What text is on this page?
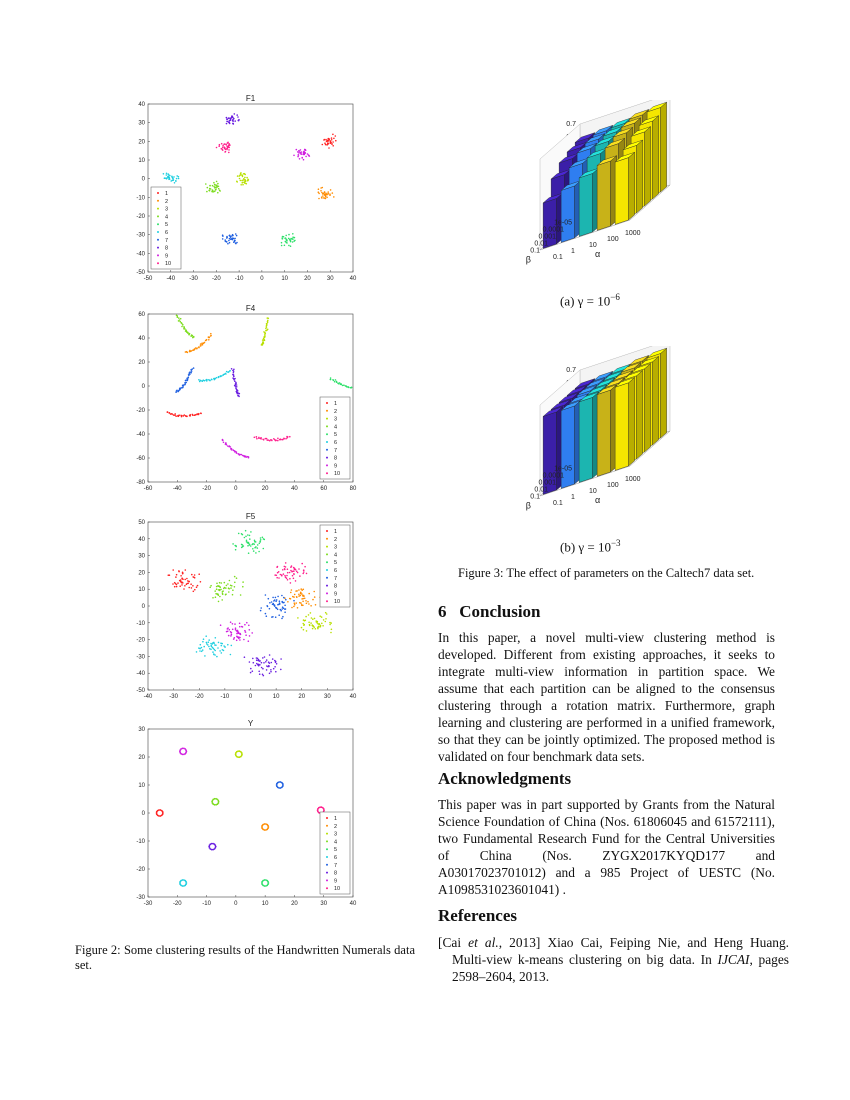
F1
-50 -40 -30 -20 -10	0	10	20	30	40
-50
-40
-30
-20
-10
0
10
20
30
40
1
2
3
4
5
6
7
8
9
10
F4
-60	-40	-20	0	20	40	60	80
-80
-60
-40
-20
0
20
40
60
1
2
3
4
5
6
7
8
9
10
F5
-40	-30	-20	-10	0	10	20	30	40
-50
-40
-30
-20
-10
0
10
20
30
40
50
1
2
3
4
5
6
7
8
9
10
Y
-30	-20	-10	0	10	20	30	40
-30
-20
-10
0
10
20
30
1
2
3
4
5
6
7
8
9
10
Figure 2: Some clustering results of the Handwritten Numerals data set.
0.7
0.1
1
10
100
1000
α
1e-05
0.0001
0.001
0.01
0.1
β
(a) $\gamma = 10^{-6}$
0.7
0.1
1
10
100
1000
α
1e-05
0.0001
0.001
0.01
0.1
β
(b) $\gamma = 10^{-3}$
Figure 3: The effect of parameters on the Caltech7 data set.
6 Conclusion

In this paper, a novel multi-view clustering method is developed. Different from existing approaches, it seeks to integrate multi-view information in partition space. We assume that each partition can be aligned to the consensus clustering through a rotation matrix. Furthermore, graph learning and clustering are performed in a unified framework, so that they can be jointly optimized. The proposed method is validated on four benchmark data sets.

Acknowledgments

This paper was in part supported by Grants from the Natural Science Foundation of China (Nos. 61806045 and 61572111), two Fundamental Research Fund for the Central Universities of China (Nos. ZYGX2017KYQD177 and A03017023701012) and a 985 Project of UESTC (No. A1098531023601041) .

References

[Cai et al., 2013] Xiao Cai, Feiping Nie, and Heng Huang. Multi-view k-means clustering on big data. In IJCAI, pages 2598–2604, 2013.
